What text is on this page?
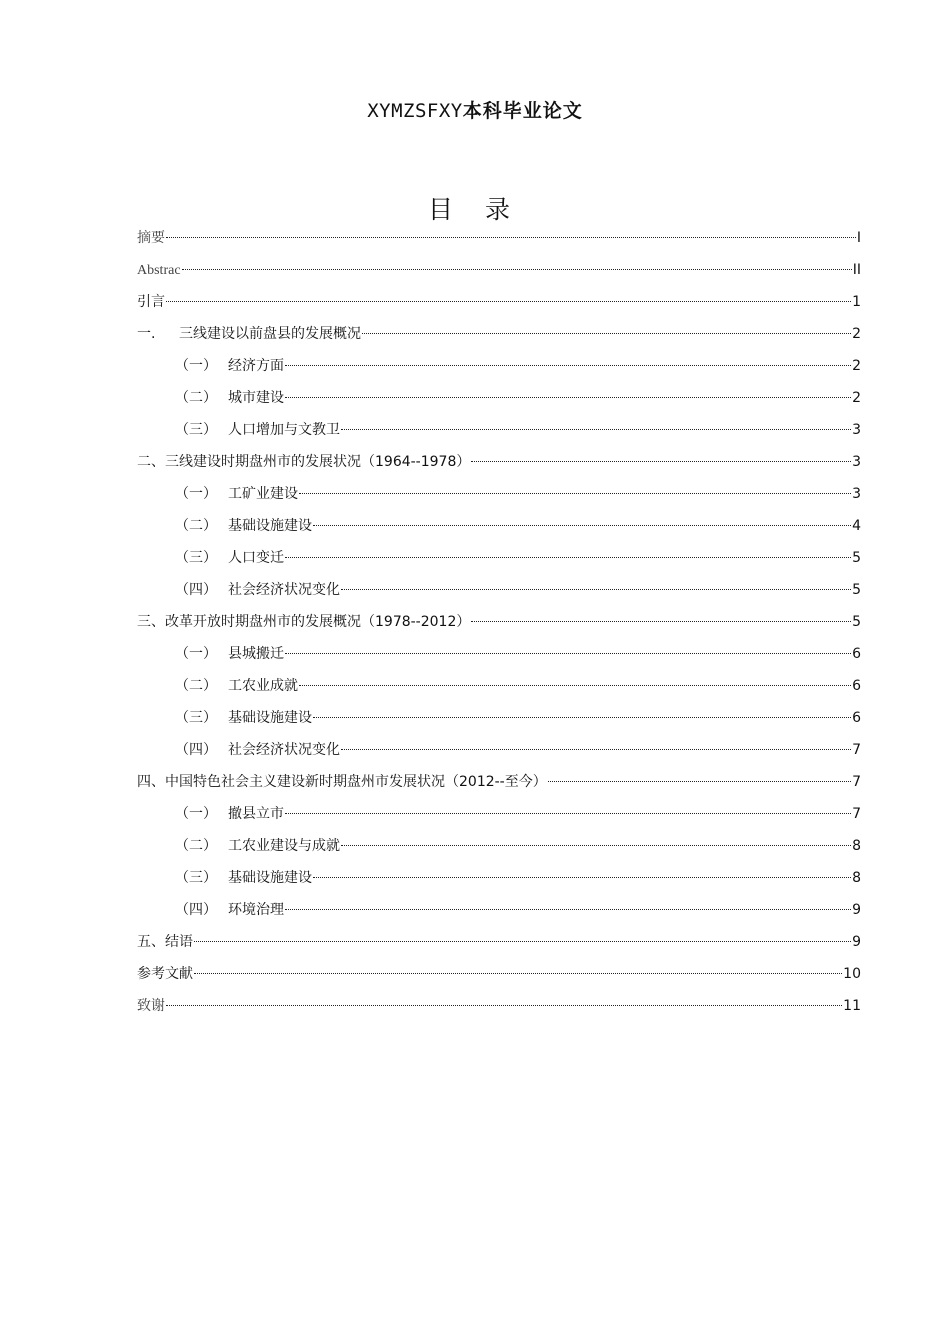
XYMZSFXY本科毕业论文
目 录
摘要	I
Abstrac	II
引言	1
一.	三线建设以前盘县的发展概况	2
（一） 经济方面	2
（二） 城市建设	2
（三） 人口增加与文教卫	3
二、三线建设时期盘州市的发展状况（1964--1978）	3
（一） 工矿业建设	3
（二） 基础设施建设	4
（三） 人口变迁	5
（四） 社会经济状况变化	5
三、改革开放时期盘州市的发展概况（1978--2012）	5
（一） 县城搬迁	6
（二） 工农业成就	6
（三） 基础设施建设	6
（四） 社会经济状况变化	7
四、中国特色社会主义建设新时期盘州市发展状况（2012--至今）	7
（一） 撤县立市	7
（二） 工农业建设与成就	8
（三） 基础设施建设	8
（四） 环境治理	9
五、结语	9
参考文献	10
致谢	11
